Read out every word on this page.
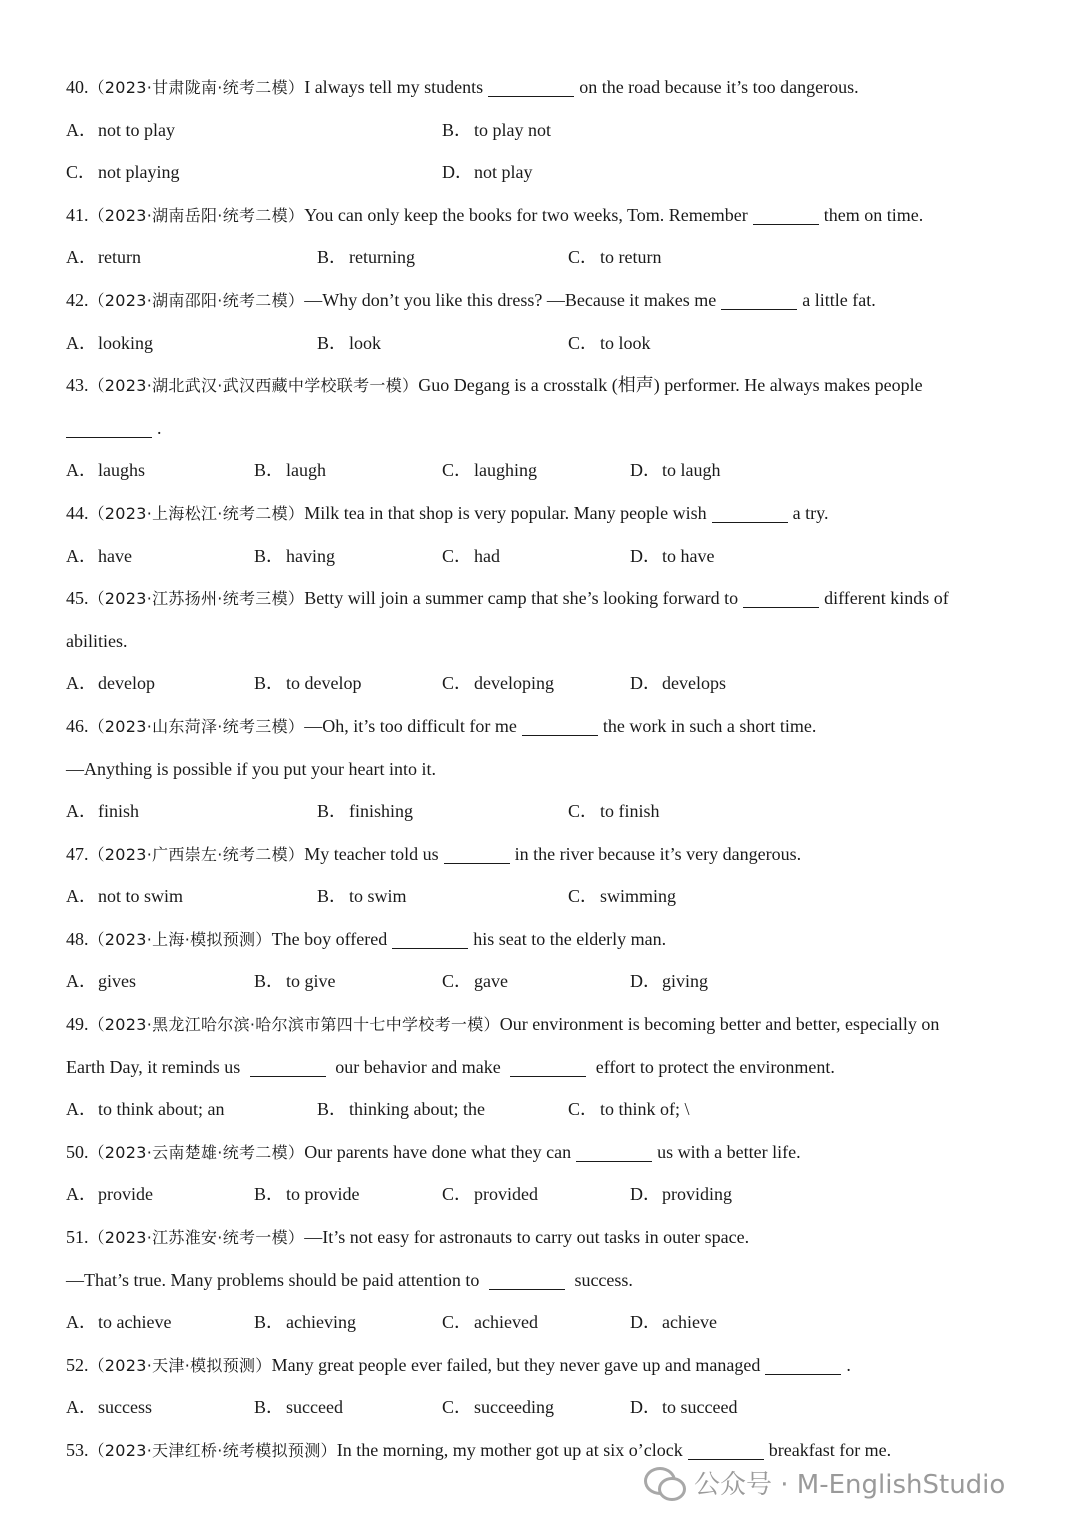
40.（2023·甘肃陇南·统考二模）I always tell my students	on the road because it’s too dangerous.
A．not to play	B． to play not
C． not playing	D．not play
41.（2023·湖南岳阳·统考二模）You can only keep the books for two weeks, Tom. Remember	them on time.
A．return	B． returning	C． to return
42.（2023·湖南邵阳·统考二模）—Why don’t you like this dress? —Because it makes me	a little fat.
A．looking	B． look	C． to look
43.（2023·湖北武汉·武汉西藏中学校联考一模）Guo Degang is a crosstalk (相声) performer. He always makes people
.
A．laughs	B． laugh	C． laughing	D．to laugh
44.（2023·上海松江·统考二模）Milk tea in that shop is very popular. Many people wish	a try.
A．have	B． having	C． had	D．to have
45.（2023·江苏扬州·统考三模）Betty will join a summer camp that she’s looking forward to	different kinds of
abilities.
A．develop	B． to develop	C． developing	D．develops
46.（2023·山东菏泽·统考三模）—Oh, it’s too difficult for me	the work in such a short time.
—Anything is possible if you put your heart into it.
A．finish	B． finishing	C． to finish
47.（2023·广西崇左·统考二模）My teacher told us	in the river because it’s very dangerous.
A．not to swim	B． to swim	C． swimming
48.（2023·上海·模拟预测）The boy offered	his seat to the elderly man.
A．gives	B． to give	C． gave	D．giving
49.（2023·黑龙江哈尔滨·哈尔滨市第四十七中学校考一模）Our environment is becoming better and better, especially on
Earth Day, it reminds us	our behavior and make	effort to protect the environment.
A．to think about; an	B． thinking about; the	C． to think of; \
50.（2023·云南楚雄·统考二模）Our parents have done what they can	us with a better life.
A．provide	B． to provide	C． provided	D．providing
51.（2023·江苏淮安·统考一模）—It’s not easy for astronauts to carry out tasks in outer space.
—That’s true. Many problems should be paid attention to	success.
A．to achieve	B． achieving	C． achieved	D．achieve
52.（2023·天津·模拟预测）Many great people ever failed, but they never gave up and managed	.
A．success	B． succeed	C． succeeding	D．to succeed
53.（2023·天津红桥·统考模拟预测）In the morning, my mother got up at six o’clock	breakfast for me.
公众号 · M-EnglishStudio
